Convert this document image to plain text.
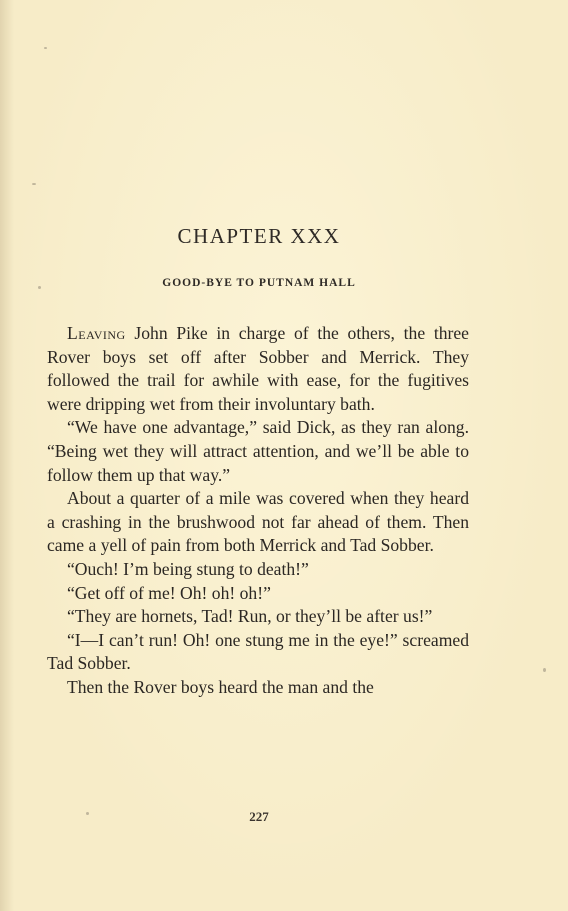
CHAPTER XXX
GOOD-BYE TO PUTNAM HALL

Leaving John Pike in charge of the others, the three Rover boys set off after Sobber and Merrick. They followed the trail for awhile with ease, for the fugitives were dripping wet from their involuntary bath.

“We have one advantage,” said Dick, as they ran along. “Being wet they will attract attention, and we’ll be able to follow them up that way.”

About a quarter of a mile was covered when they heard a crashing in the brushwood not far ahead of them. Then came a yell of pain from both Merrick and Tad Sobber.

“Ouch! I’m being stung to death!”

“Get off of me! Oh! oh! oh!”

“They are hornets, Tad! Run, or they’ll be after us!”

“I—I can’t run! Oh! one stung me in the eye!” screamed Tad Sobber.

Then the Rover boys heard the man and the

227
